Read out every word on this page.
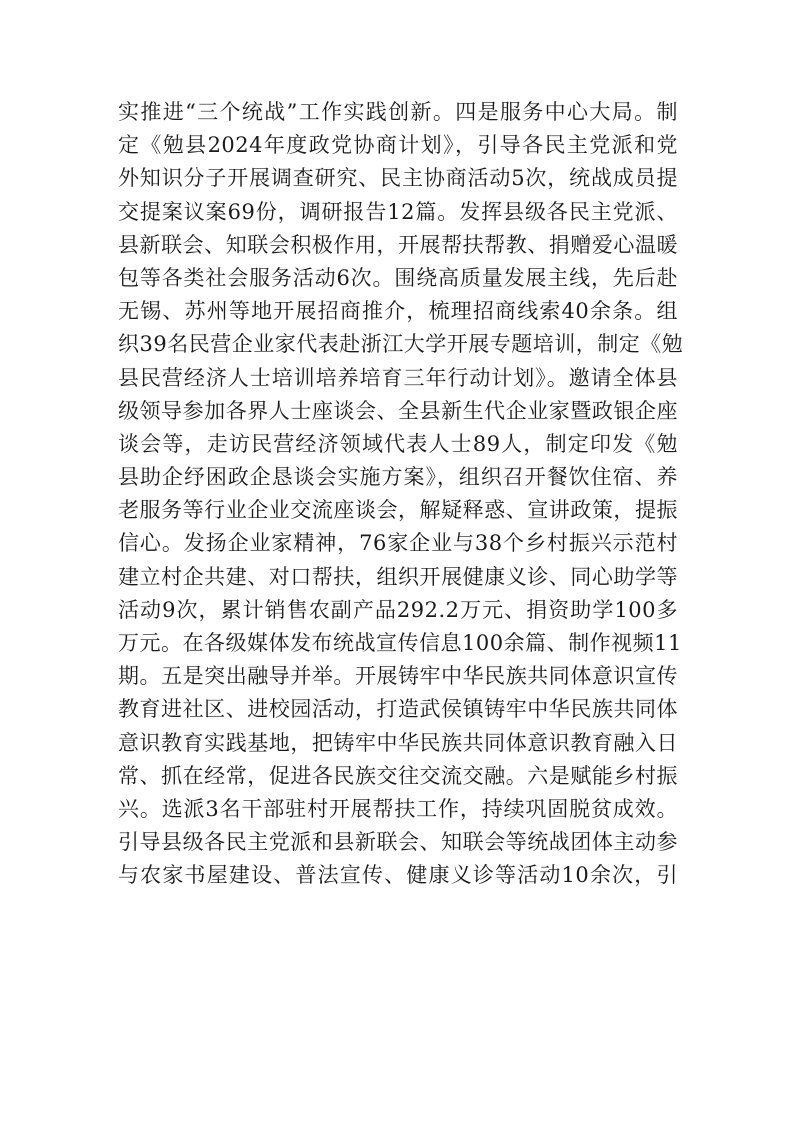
实推进“三个统战”工作实践创新。四是服务中心大局。制
定《勉县2024年度政党协商计划》，引导各民主党派和党
外知识分子开展调查研究、民主协商活动5次，统战成员提
交提案议案69份，调研报告12篇。发挥县级各民主党派、
县新联会、知联会积极作用，开展帮扶帮教、捐赠爱心温暖
包等各类社会服务活动6次。围绕高质量发展主线，先后赴
无锡、苏州等地开展招商推介，梳理招商线索40余条。组
织39名民营企业家代表赴浙江大学开展专题培训，制定《勉
县民营经济人士培训培养培育三年行动计划》。邀请全体县
级领导参加各界人士座谈会、全县新生代企业家暨政银企座
谈会等，走访民营经济领域代表人士89人，制定印发《勉
县助企纾困政企恳谈会实施方案》，组织召开餐饮住宿、养
老服务等行业企业交流座谈会，解疑释惑、宣讲政策，提振
信心。发扬企业家精神，76家企业与38个乡村振兴示范村
建立村企共建、对口帮扶，组织开展健康义诊、同心助学等
活动9次，累计销售农副产品292.2万元、捐资助学100多
万元。在各级媒体发布统战宣传信息100余篇、制作视频11
期。五是突出融导并举。开展铸牢中华民族共同体意识宣传
教育进社区、进校园活动，打造武侯镇铸牢中华民族共同体
意识教育实践基地，把铸牢中华民族共同体意识教育融入日
常、抓在经常，促进各民族交往交流交融。六是赋能乡村振
兴。选派3名干部驻村开展帮扶工作，持续巩固脱贫成效。
引导县级各民主党派和县新联会、知联会等统战团体主动参
与农家书屋建设、普法宣传、健康义诊等活动10余次，引
